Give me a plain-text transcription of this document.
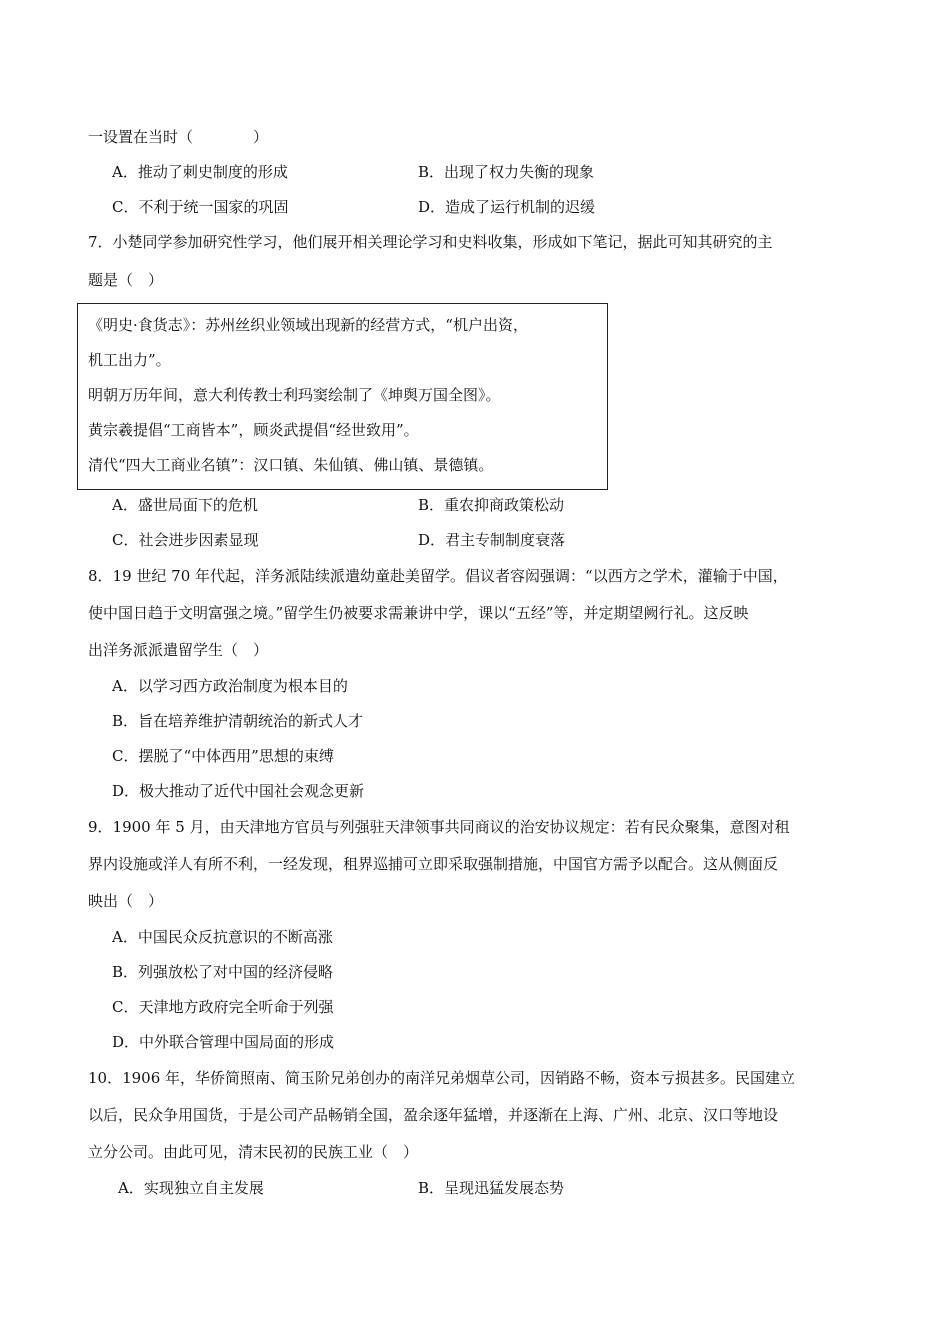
一设置在当时（　　　　）
A．推动了刺史制度的形成	B．出现了权力失衡的现象
C．不利于统一国家的巩固	D．造成了运行机制的迟缓
7．小楚同学参加研究性学习，他们展开相关理论学习和史料收集，形成如下笔记，据此可知其研究的主
题是（　）
《明史·食货志》：苏州丝织业领域出现新的经营方式，“机户出资，
机工出力”。
明朝万历年间，意大利传教士利玛窦绘制了《坤舆万国全图》。
黄宗羲提倡“工商皆本”，顾炎武提倡“经世致用”。
清代“四大工商业名镇”：汉口镇、朱仙镇、佛山镇、景德镇。
A．盛世局面下的危机	B．重农抑商政策松动
C．社会进步因素显现	D．君主专制制度衰落
8．19 世纪 70 年代起，洋务派陆续派遣幼童赴美留学。倡议者容闳强调：“以西方之学术，灌输于中国，
使中国日趋于文明富强之境。”留学生仍被要求需兼讲中学，课以“五经”等，并定期望阙行礼。这反映
出洋务派派遣留学生（　）
A．以学习西方政治制度为根本目的
B．旨在培养维护清朝统治的新式人才
C．摆脱了“中体西用”思想的束缚
D．极大推动了近代中国社会观念更新
9．1900 年 5 月，由天津地方官员与列强驻天津领事共同商议的治安协议规定：若有民众聚集，意图对租
界内设施或洋人有所不利，一经发现，租界巡捕可立即采取强制措施，中国官方需予以配合。这从侧面反
映出（　）
A．中国民众反抗意识的不断高涨
B．列强放松了对中国的经济侵略
C．天津地方政府完全听命于列强
D．中外联合管理中国局面的形成
10．1906 年，华侨简照南、简玉阶兄弟创办的南洋兄弟烟草公司，因销路不畅，资本亏损甚多。民国建立
以后，民众争用国货，于是公司产品畅销全国，盈余逐年猛增，并逐渐在上海、广州、北京、汉口等地设
立分公司。由此可见，清末民初的民族工业（　）
A．实现独立自主发展	B．呈现迅猛发展态势
